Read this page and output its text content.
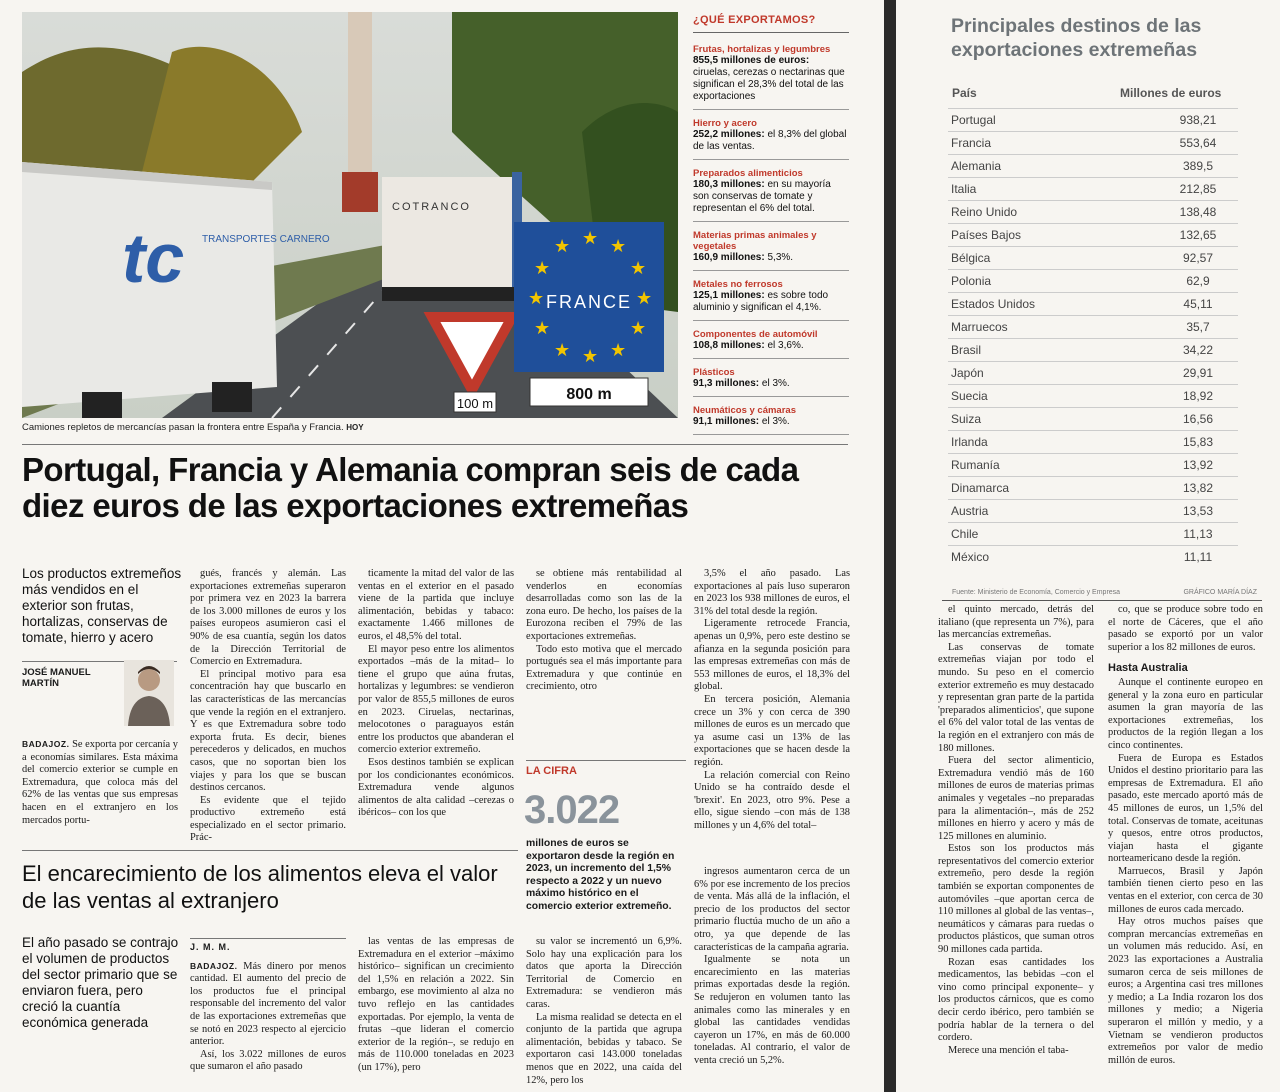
tc TRANSPORTES CARNERO
COTRANCO
100 m
★ ★
★
★
★
★
★
★
★
★
★
★
FRANCE
800 m
Camiones repletos de mercancías pasan la frontera entre España y Francia. HOY
¿QUÉ EXPORTAMOS?
Frutas, hortalizas y legumbres
855,5 millones de euros: ciruelas, cerezas o nectarinas que significan el 28,3% del total de las exportaciones
Hierro y acero
252,2 millones: el 8,3% del global de las ventas.
Preparados alimenticios
180,3 millones: en su mayoría son conservas de tomate y representan el 6% del total.
Materias primas animales y vegetales
160,9 millones: 5,3%.
Metales no ferrosos
125,1 millones: es sobre todo aluminio y significan el 4,1%.
Componentes de automóvil
108,8 millones: el 3,6%.
Plásticos
91,3 millones: el 3%.
Neumáticos y cámaras
91,1 millones: el 3%.
Portugal, Francia y Alemania compran seis de cada diez euros de las exportaciones extremeñas
Los productos extremeños más vendidos en el exterior son frutas, hortalizas, conservas de tomate, hierro y acero
JOSÉ MANUEL MARTÍN

BADAJOZ. Se exporta por cercanía y a economías similares. Esta máxima del comercio exterior se cumple en Extremadura, que coloca más del 62% de las ventas que sus empresas hacen en el extranjero en los mercados portu-

gués, francés y alemán. Las exportaciones extremeñas superaron por primera vez en 2023 la barrera de los 3.000 millones de euros y los países europeos asumieron casi el 90% de esa cuantía, según los datos de la Dirección Territorial de Comercio en Extremadura.

El principal motivo para esa concentración hay que buscarlo en las características de las mercancías que vende la región en el extranjero. Y es que Extremadura sobre todo exporta fruta. Es decir, bienes perecederos y delicados, en muchos casos, que no soportan bien los viajes y para los que se buscan destinos cercanos.

Es evidente que el tejido productivo extremeño está especializado en el sector primario. Prác-

ticamente la mitad del valor de las ventas en el exterior en el pasado viene de la partida que incluye alimentación, bebidas y tabaco: exactamente 1.466 millones de euros, el 48,5% del total.

El mayor peso entre los alimentos exportados –más de la mitad– lo tiene el grupo que aúna frutas, hortalizas y legumbres: se vendieron por valor de 855,5 millones de euros en 2023. Ciruelas, nectarinas, melocotones o paraguayos están entre los productos que abanderan el comercio exterior extremeño.

Esos destinos también se explican por los condicionantes económicos. Extremadura vende algunos alimentos de alta calidad –cerezas o ibéricos– con los que

se obtiene más rentabilidad al venderlos en economías desarrolladas como son las de la zona euro. De hecho, los países de la Eurozona reciben el 79% de las exportaciones extremeñas.

Todo esto motiva que el mercado portugués sea el más importante para Extremadura y que continúe en crecimiento, otro

3,5% el año pasado. Las exportaciones al país luso superaron en 2023 los 938 millones de euros, el 31% del total desde la región.

Ligeramente retrocede Francia, apenas un 0,9%, pero este destino se afianza en la segunda posición para las empresas extremeñas con más de 553 millones de euros, el 18,3% del global.

En tercera posición, Alemania crece un 3% y con cerca de 390 millones de euros es un mercado que ya asume casi un 13% de las exportaciones que se hacen desde la región.

La relación comercial con Reino Unido se ha contraído desde el 'brexit'. En 2023, otro 9%. Pese a ello, sigue siendo –con más de 138 millones y un 4,6% del total–

LA CIFRA
3.022
millones de euros se exportaron desde la región en 2023, un incremento del 1,5% respecto a 2022 y un nuevo máximo histórico en el comercio exterior extremeño.
El encarecimiento de los alimentos eleva el valor de las ventas al extranjero
El año pasado se contrajo el volumen de productos del sector primario que se enviaron fuera, pero creció la cuantía económica generada
J. M. M.

BADAJOZ. Más dinero por menos cantidad. El aumento del precio de los productos fue el principal responsable del incremento del valor de las exportaciones extremeñas que se notó en 2023 respecto al ejercicio anterior.

Así, los 3.022 millones de euros que sumaron el año pasado

las ventas de las empresas de Extremadura en el exterior –máximo histórico– significan un crecimiento del 1,5% en relación a 2022. Sin embargo, ese movimiento al alza no tuvo reflejo en las cantidades exportadas. Por ejemplo, la venta de frutas –que lideran el comercio exterior de la región–, se redujo en más de 110.000 toneladas en 2023 (un 17%), pero

su valor se incrementó un 6,9%. Solo hay una explicación para los datos que aporta la Dirección Territorial de Comercio en Extremadura: se vendieron más caras.

La misma realidad se detecta en el conjunto de la partida que agrupa alimentación, bebidas y tabaco. Se exportaron casi 143.000 toneladas menos que en 2022, una caída del 12%, pero los

ingresos aumentaron cerca de un 6% por ese incremento de los precios de venta. Más allá de la inflación, el precio de los productos del sector primario fluctúa mucho de un año a otro, ya que depende de las características de la campaña agraria.

Igualmente se nota un encarecimiento en las materias primas exportadas desde la región. Se redujeron en volumen tanto las animales como las minerales y en global las cantidades vendidas cayeron un 17%, en más de 60.000 toneladas. Al contrario, el valor de venta creció un 5,2%.

Principales destinos de las exportaciones extremeñas
País	Millones de euros
Portugal	938,21
Francia	553,64
Alemania	389,5
Italia	212,85
Reino Unido	138,48
Países Bajos	132,65
Bélgica	92,57
Polonia	62,9
Estados Unidos	45,11
Marruecos	35,7
Brasil	34,22
Japón	29,91
Suecia	18,92
Suiza	16,56
Irlanda	15,83
Rumanía	13,92
Dinamarca	13,82
Austria	13,53
Chile	11,13
México	11,11
Fuente: Ministerio de Economía, Comercio y Empresa	GRÁFICO MARÍA DÍAZ

el quinto mercado, detrás del italiano (que representa un 7%), para las mercancías extremeñas.

Las conservas de tomate extremeñas viajan por todo el mundo. Su peso en el comercio exterior extremeño es muy destacado y representan gran parte de la partida 'preparados alimenticios', que supone el 6% del valor total de las ventas de la región en el extranjero con más de 180 millones.

Fuera del sector alimenticio, Extremadura vendió más de 160 millones de euros de materias primas animales y vegetales –no preparadas para la alimentación–, más de 252 millones en hierro y acero y más de 125 millones en aluminio.

Estos son los productos más representativos del comercio exterior extremeño, pero desde la región también se exportan componentes de automóviles –que aportan cerca de 110 millones al global de las ventas–, neumáticos y cámaras para ruedas o productos plásticos, que suman otros 90 millones cada partida.

Rozan esas cantidades los medicamentos, las bebidas –con el vino como principal exponente– y los productos cárnicos, que es como decir cerdo ibérico, pero también se podría hablar de la ternera o del cordero.

Merece una mención el taba-

co, que se produce sobre todo en el norte de Cáceres, que el año pasado se exportó por un valor superior a los 82 millones de euros.

Hasta Australia

Aunque el continente europeo en general y la zona euro en particular asumen la gran mayoría de las exportaciones extremeñas, los productos de la región llegan a los cinco continentes.

Fuera de Europa es Estados Unidos el destino prioritario para las empresas de Extremadura. El año pasado, este mercado aportó más de 45 millones de euros, un 1,5% del total. Conservas de tomate, aceitunas y quesos, entre otros productos, viajan hasta el gigante norteamericano desde la región.

Marruecos, Brasil y Japón también tienen cierto peso en las ventas en el exterior, con cerca de 30 millones de euros cada mercado.

Hay otros muchos países que compran mercancías extremeñas en un volumen más reducido. Así, en 2023 las exportaciones a Australia sumaron cerca de seis millones de euros; a Argentina casi tres millones y medio; a La India rozaron los dos millones y medio; a Nigeria superaron el millón y medio, y a Vietnam se vendieron productos extremeños por valor de medio millón de euros.
